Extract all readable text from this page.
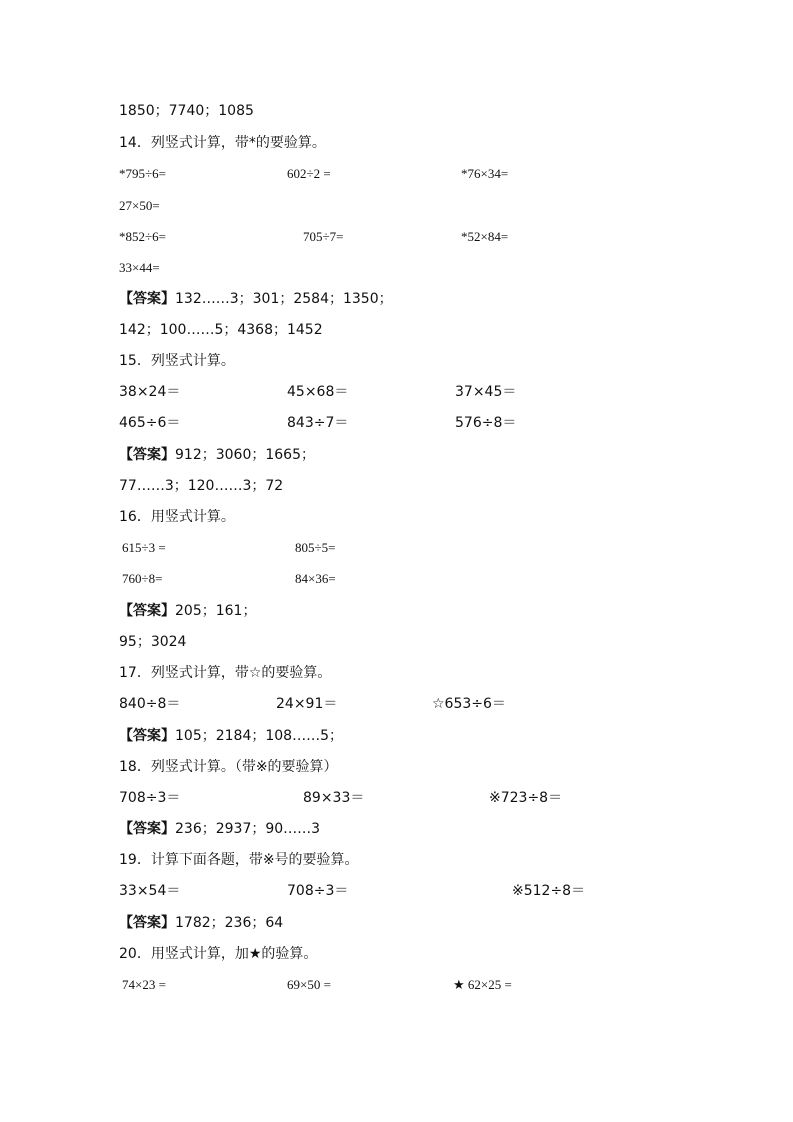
1850；7740；1085
14．列竖式计算，带*的要验算。
*795÷6=	602÷2 =	*76×34=
27×50=
*852÷6=	705÷7=	*52×84=
33×44=
【答案】132……3；301；2584；1350；
142；100……5；4368；1452
15．列竖式计算。
38×24＝	45×68＝	37×45＝
465÷6＝	843÷7＝	576÷8＝
【答案】912；3060；1665；
77……3；120……3；72
16．用竖式计算。
615÷3 =	805÷5=
760÷8=	84×36=
【答案】205；161；
95；3024
17．列竖式计算，带☆的要验算。
840÷8＝	24×91＝	☆653÷6＝
【答案】105；2184；108……5；
18．列竖式计算。（带※的要验算）
708÷3＝	89×33＝	※723÷8＝
【答案】236；2937；90……3
19．计算下面各题，带※号的要验算。
33×54＝	708÷3＝	※512÷8＝
【答案】1782；236；64
20．用竖式计算，加★的验算。
74×23 =	69×50 =	★ 62×25 =
